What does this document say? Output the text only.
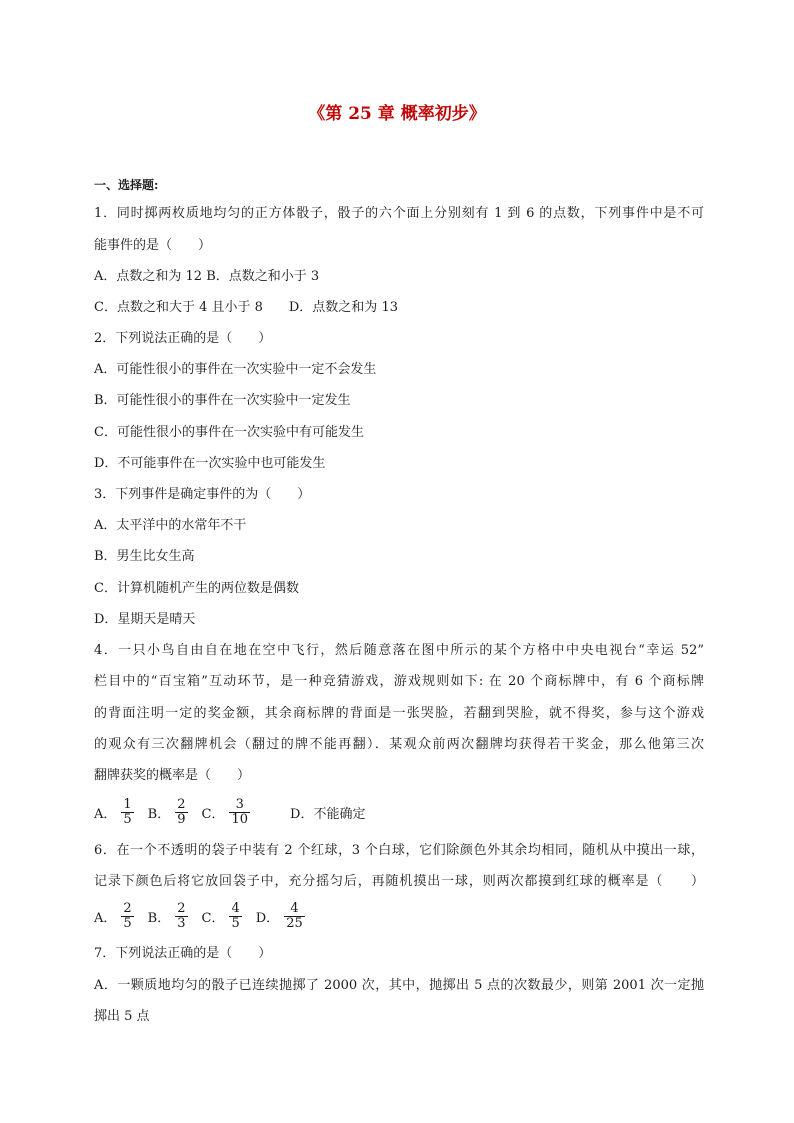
《第 25 章 概率初步》
一、选择题:
1．同时掷两枚质地均匀的正方体骰子，骰子的六个面上分别刻有 1 到 6 的点数，下列事件中是不可
能事件的是（　　）
A．点数之和为 12 B．点数之和小于 3
C．点数之和大于 4 且小于 8　　D．点数之和为 13
2．下列说法正确的是（　　）
A．可能性很小的事件在一次实验中一定不会发生
B．可能性很小的事件在一次实验中一定发生
C．可能性很小的事件在一次实验中有可能发生
D．不可能事件在一次实验中也可能发生
3．下列事件是确定事件的为（　　）
A．太平洋中的水常年不干
B．男生比女生高
C．计算机随机产生的两位数是偶数
D．星期天是晴天
4．一只小鸟自由自在地在空中飞行，然后随意落在图中所示的某个方格中中央电视台“幸运 52”
栏目中的“百宝箱”互动环节，是一种竞猜游戏，游戏规则如下: 在 20 个商标牌中，有 6 个商标牌
的背面注明一定的奖金额，其余商标牌的背面是一张哭脸，若翻到哭脸，就不得奖，参与这个游戏
的观众有三次翻牌机会（翻过的牌不能再翻）．某观众前两次翻牌均获得若干奖金，那么他第三次
翻牌获奖的概率是（　　）
A． $\frac{1}{5}$ B． $\frac{2}{9}$ C． $\frac{3}{10}$	D．不能确定
6．在一个不透明的袋子中装有 2 个红球，3 个白球，它们除颜色外其余均相同，随机从中摸出一球，
记录下颜色后将它放回袋子中，充分摇匀后，再随机摸出一球，则两次都摸到红球的概率是（　　）
A． $\frac{2}{5}$ B． $\frac{2}{3}$ C． $\frac{4}{5}$ D． $\frac{4}{25}$
7．下列说法正确的是（　　）
A．一颗质地均匀的骰子已连续抛掷了 2000 次，其中，抛掷出 5 点的次数最少，则第 2001 次一定抛
掷出 5 点
